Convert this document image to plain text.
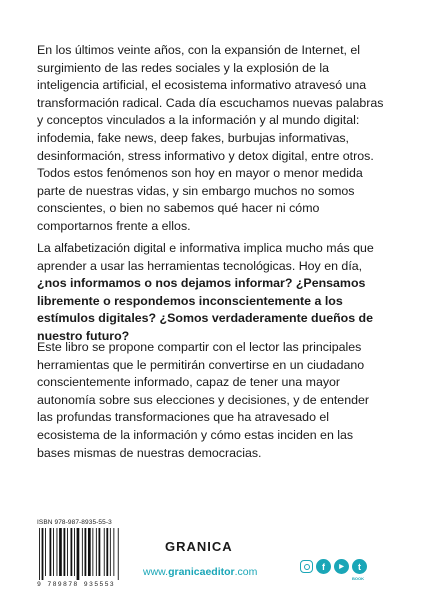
En los últimos veinte años, con la expansión de Internet, el surgimiento de las redes sociales y la explosión de la inteligencia artificial, el ecosistema informativo atravesó una transformación radical. Cada día escuchamos nuevas palabras y conceptos vinculados a la información y al mundo digital: infodemia, fake news, deep fakes, burbujas informativas, desinformación, stress informativo y detox digital, entre otros. Todos estos fenómenos son hoy en mayor o menor medida parte de nuestras vidas, y sin embargo muchos no somos conscientes, o bien no sabemos qué hacer ni cómo comportarnos frente a ellos.

La alfabetización digital e informativa implica mucho más que aprender a usar las herramientas tecnológicas. Hoy en día, ¿nos informamos o nos dejamos informar? ¿Pensamos libremente o respondemos inconscientemente a los estímulos digitales? ¿Somos verdaderamente dueños de nuestro futuro?

Este libro se propone compartir con el lector las principales herramientas que le permitirán convertirse en un ciudadano conscientemente informado, capaz de tener una mayor autonomía sobre sus elecciones y decisiones, y de entender las profundas transformaciones que ha atravesado el ecosistema de la información y cómo estas inciden en las bases mismas de nuestras democracias.

ISBN 978-987-8935-55-3
9 789878 935553
GRANICA
www.granicaeditor.com	f	▶	t
BOOK
